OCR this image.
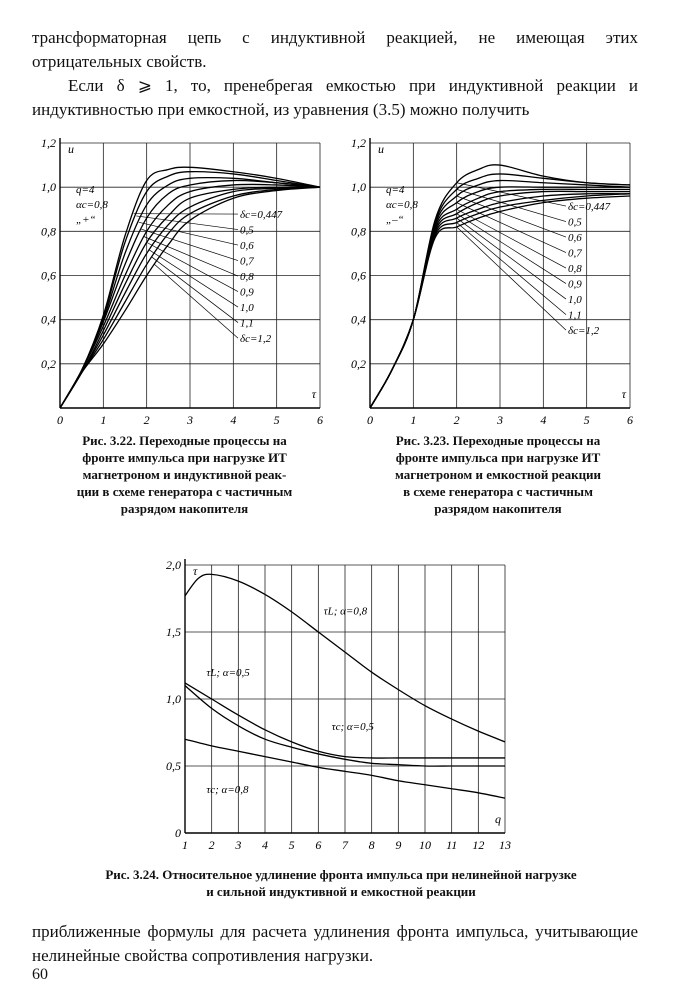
трансформаторная цепь с индуктивной реакцией, не имеющая этих
отрицательных свойств.
Если δ ⩾ 1, то, пренебрегая емкостью при индуктивной реакции и индуктивностью при емкостной, из уравнения (3.5) можно получить
0	1	2	3	4	5	6
0,2
0,4
0,6
0,8
1,0
1,2
τ
u
q=4
αc=0,8
„+“	δc=0,447
0,5
0,6
0,7
0,8
0,9
1,0
1,1
δc=1,2
Рис. 3.22. Переходные процессы на
фронте импульса при нагрузке ИТ
магнетроном и индуктивной реак-
ции в схеме генератора с частичным
разрядом накопителя
0	1	2	3	4	5	6
0,2
0,4
0,6
0,8
1,0
1,2
τ
u
q=4
αc=0,8
„–“
δc=0,447
0,5
0,6
0,7
0,8
0,9
1,0
1,1
δc=1,2
Рис. 3.23. Переходные процессы на
фронте импульса при нагрузке ИТ
магнетроном и емкостной реакции
в схеме генератора с частичным
разрядом накопителя
1 2 3 4 5 6 7 8 9 10 11 12 13
0
0,5
1,0
1,5
2,0
q
τ
τL; α=0,8
τL; α=0,5
τc; α=0,5
τc; α=0,8
Рис. 3.24. Относительное удлинение фронта импульса при нелинейной нагрузке
и сильной индуктивной и емкостной реакции
приближенные формулы для расчета удлинения фронта импульса, учитывающие нелинейные свойства сопротивления нагрузки.
60
